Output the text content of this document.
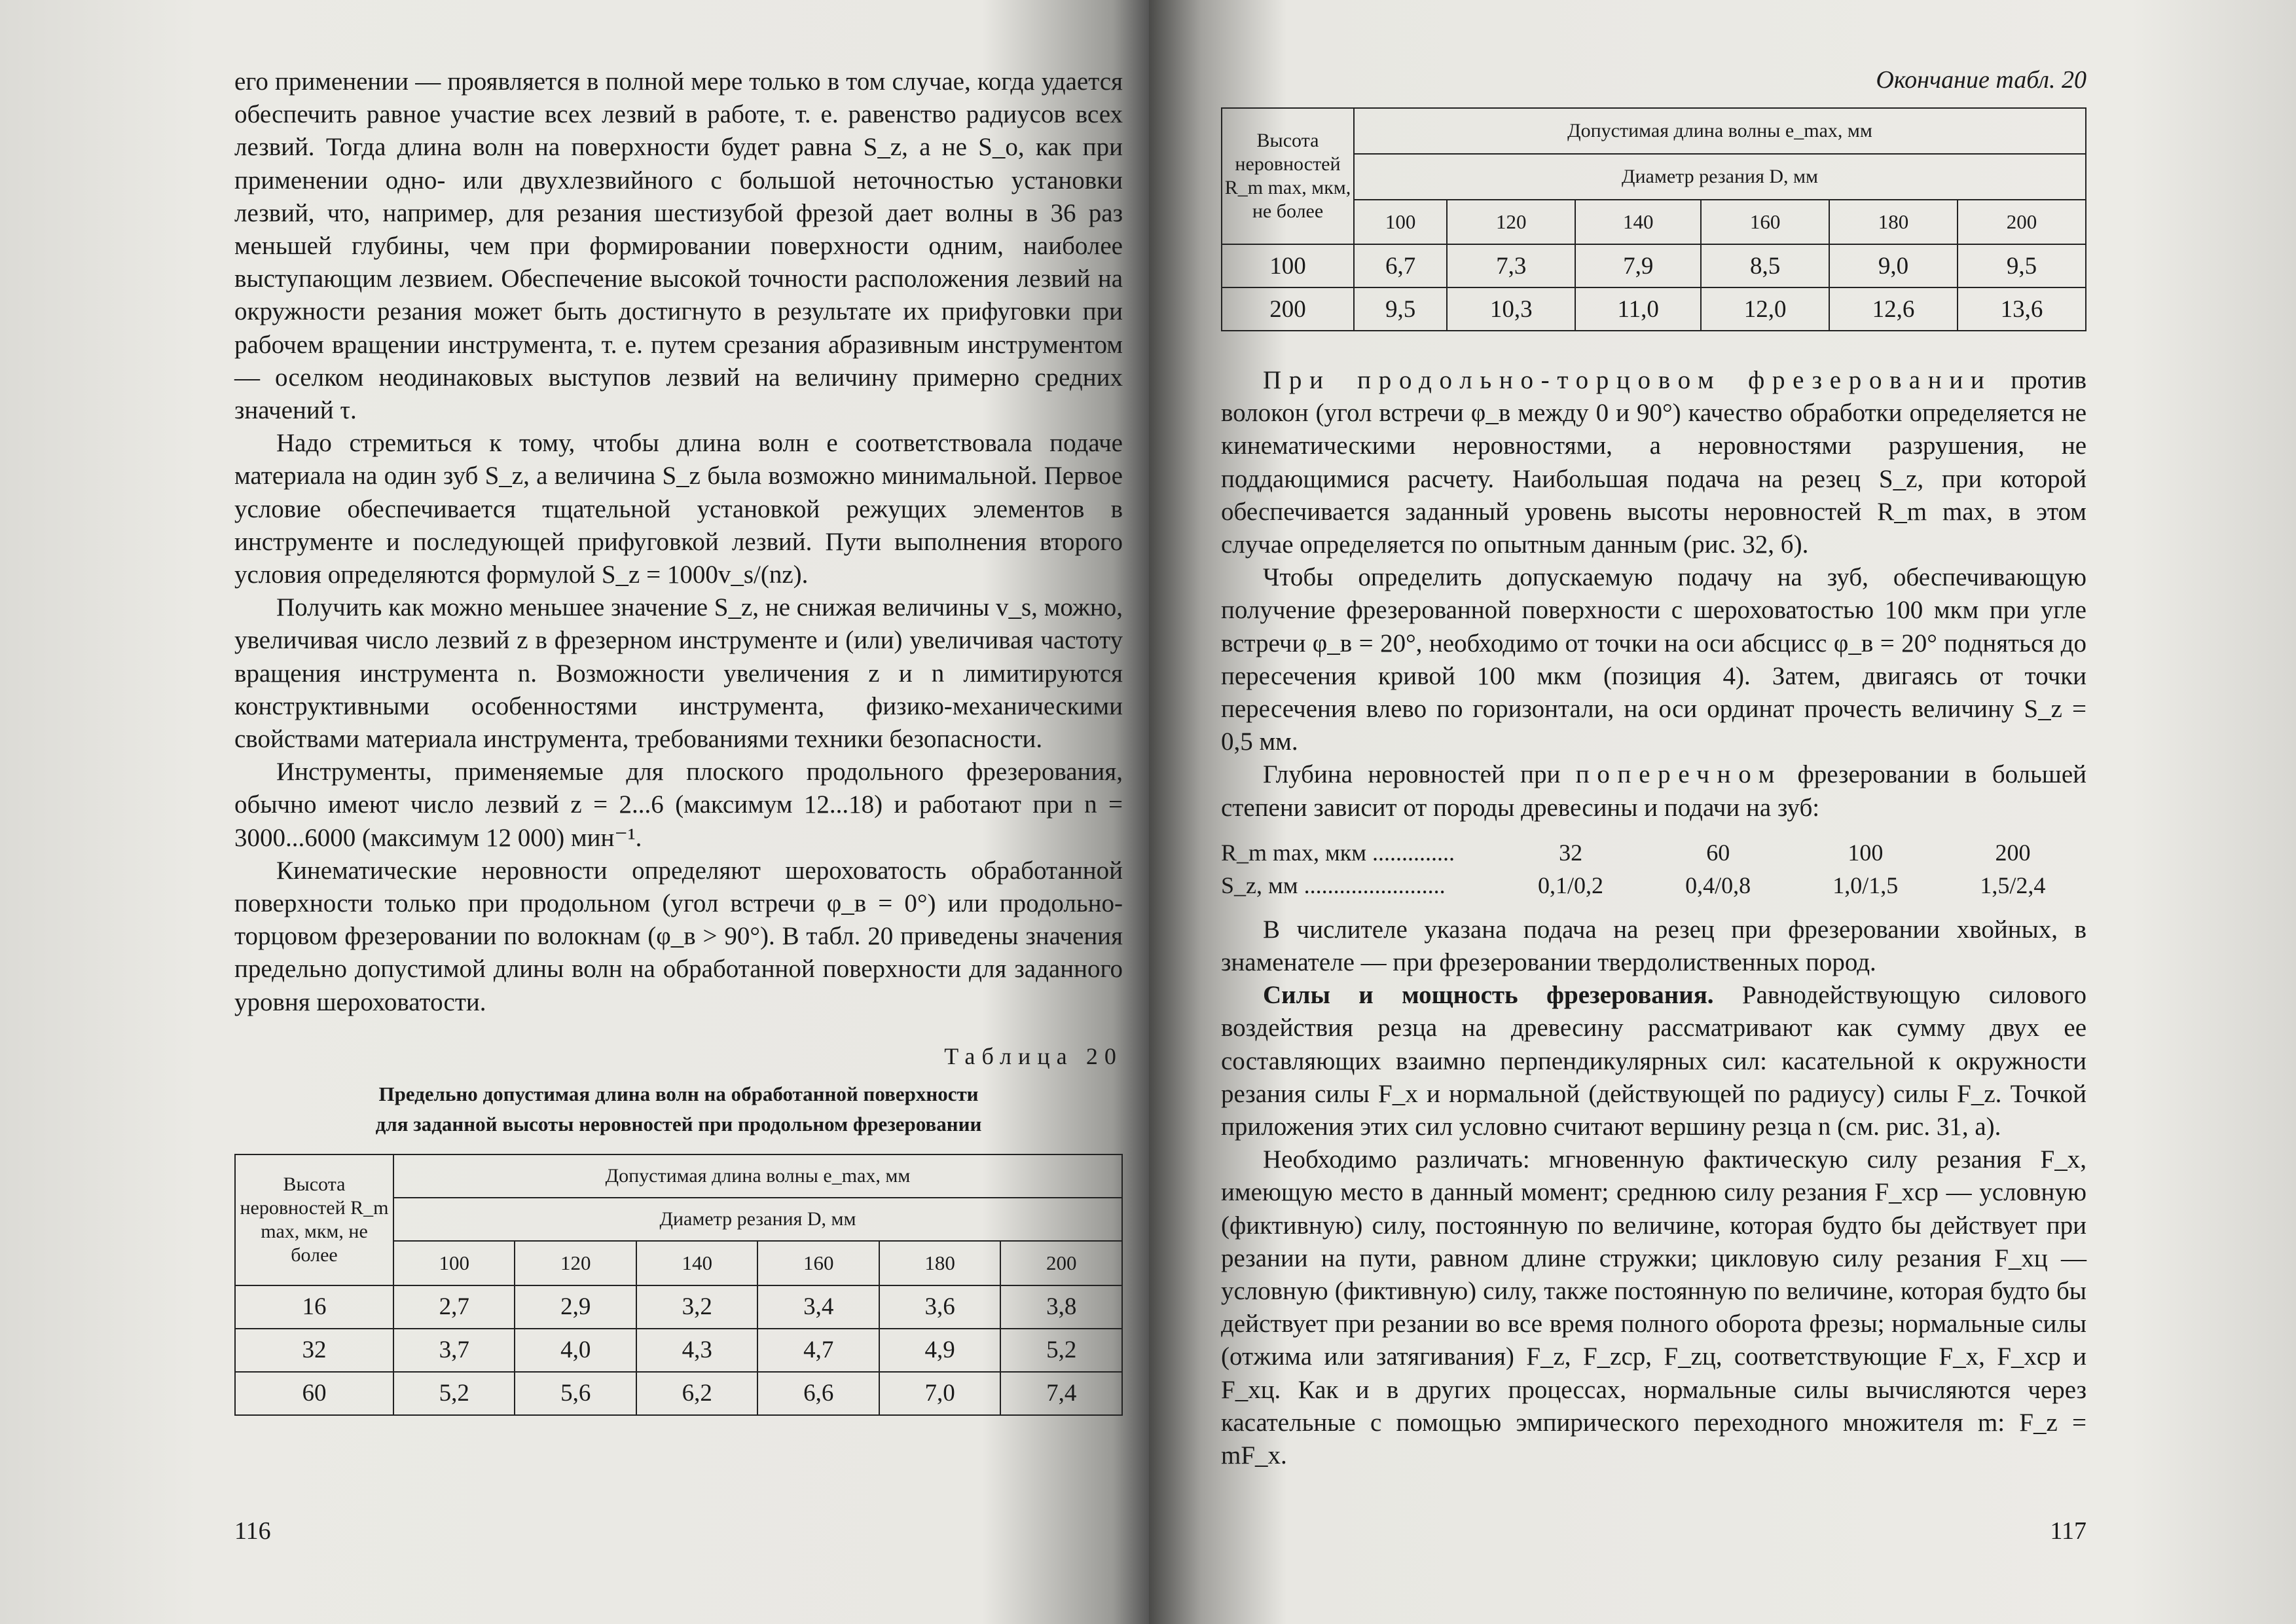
его применении — проявляется в полной мере только в том случае, когда удается обеспечить равное участие всех лезвий в работе, т. е. равенство радиусов всех лезвий. Тогда длина волн на поверхности будет равна S_z, а не S_o, как при применении одно- или двухлезвийного с большой неточностью установки лезвий, что, например, для резания шестизубой фрезой дает волны в 36 раз меньшей глубины, чем при формировании поверхности одним, наиболее выступающим лезвием. Обеспечение высокой точности расположения лезвий на окружности резания может быть достигнуто в результате их прифуговки при рабочем вращении инструмента, т. е. путем срезания абразивным инструментом — оселком неодинаковых выступов лезвий на величину примерно средних значений τ.

Надо стремиться к тому, чтобы длина волн e соответствовала подаче материала на один зуб S_z, а величина S_z была возможно минимальной. Первое условие обеспечивается тщательной установкой режущих элементов в инструменте и последующей прифуговкой лезвий. Пути выполнения второго условия определяются формулой S_z = 1000v_s/(nz).

Получить как можно меньшее значение S_z, не снижая величины v_s, можно, увеличивая число лезвий z в фрезерном инструменте и (или) увеличивая частоту вращения инструмента n. Возможности увеличения z и n лимитируются конструктивными особенностями инструмента, физико-механическими свойствами материала инструмента, требованиями техники безопасности.

Инструменты, применяемые для плоского продольного фрезерования, обычно имеют число лезвий z = 2...6 (максимум 12...18) и работают при n = 3000...6000 (максимум 12 000) мин⁻¹.

Кинематические неровности определяют шероховатость обработанной поверхности только при продольном (угол встречи φ_в = 0°) или продольно-торцовом фрезеровании по волокнам (φ_в > 90°). В табл. 20 приведены значения предельно допустимой длины волн на обработанной поверхности для заданного уровня шероховатости.

Таблица 20
Предельно допустимая длина волн на обработанной поверхности
для заданной высоты неровностей при продольном фрезеровании
Высота неровностей R_m max, мкм, не более	Допустимая длина волны e_max, мм					
	Диаметр резания D, мм					
	100	120	140	160	180	200
16	2,7	2,9	3,2	3,4	3,6	3,8
32	3,7	4,0	4,3	4,7	4,9	5,2
60	5,2	5,6	6,2	6,6	7,0	7,4
116
Окончание табл. 20
Высота неровностей R_m max, мкм, не более	Допустимая длина волны e_max, мм					
	Диаметр резания D, мм					
	100	120	140	160	180	200
100	6,7	7,3	7,9	8,5	9,0	9,5
200	9,5	10,3	11,0	12,0	12,6	13,6

При продольно-торцовом фрезеровании против волокон (угол встречи φ_в между 0 и 90°) качество обработки определяется не кинематическими неровностями, а неровностями разрушения, не поддающимися расчету. Наибольшая подача на резец S_z, при которой обеспечивается заданный уровень высоты неровностей R_m max, в этом случае определяется по опытным данным (рис. 32, б).

Чтобы определить допускаемую подачу на зуб, обеспечивающую получение фрезерованной поверхности с шероховатостью 100 мкм при угле встречи φ_в = 20°, необходимо от точки на оси абсцисс φ_в = 20° подняться до пересечения кривой 100 мкм (позиция 4). Затем, двигаясь от точки пересечения влево по горизонтали, на оси ординат прочесть величину S_z = 0,5 мм.

Глубина неровностей при поперечном фрезеровании в большей степени зависит от породы древесины и подачи на зуб:

R_m max, мкм ..............	32	60	100	200
S_z, мм ........................	0,1/0,2	0,4/0,8	1,0/1,5	1,5/2,4

В числителе указана подача на резец при фрезеровании хвойных, в знаменателе — при фрезеровании твердолиственных пород.

Силы и мощность фрезерования. Равнодействующую силового воздействия резца на древесину рассматривают как сумму двух ее составляющих взаимно перпендикулярных сил: касательной к окружности резания силы F_x и нормальной (действующей по радиусу) силы F_z. Точкой приложения этих сил условно считают вершину резца n (см. рис. 31, а).

Необходимо различать: мгновенную фактическую силу резания F_x, имеющую место в данный момент; среднюю силу резания F_xср — условную (фиктивную) силу, постоянную по величине, которая будто бы действует при резании на пути, равном длине стружки; цикловую силу резания F_xц — условную (фиктивную) силу, также постоянную по величине, которая будто бы действует при резании во все время полного оборота фрезы; нормальные силы (отжима или затягивания) F_z, F_zср, F_zц, соответствующие F_x, F_xср и F_xц. Как и в других процессах, нормальные силы вычисляются через касательные с помощью эмпирического переходного множителя m: F_z = mF_x.

117
